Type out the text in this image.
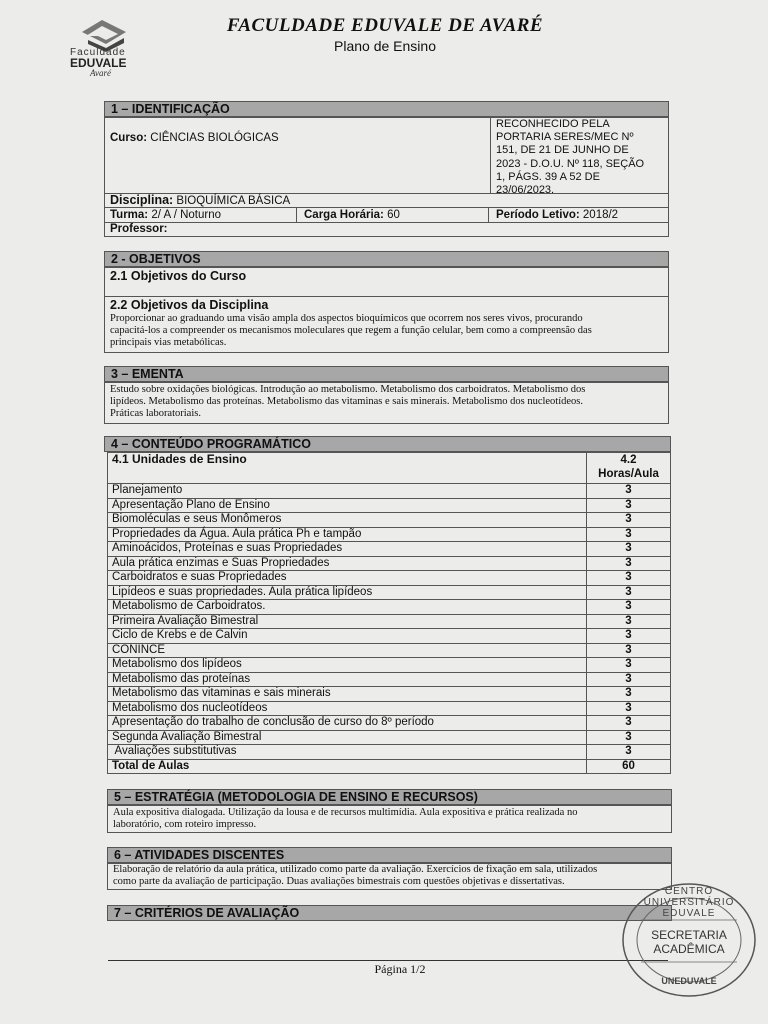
Faculdade
EDUVALE
Avaré
FACULDADE EDUVALE DE AVARÉ
Plano de Ensino
1 – IDENTIFICAÇÃO
Curso: CIÊNCIAS BIOLÓGICAS
RECONHECIDO PELA
PORTARIA SERES/MEC Nº
151, DE 21 DE JUNHO DE
2023 - D.O.U. Nº 118, SEÇÃO
1, PÁGS. 39 A 52 DE
23/06/2023.
Disciplina: BIOQUÍMICA BÁSICA
Turma: 2/ A / Noturno	Carga Horária: 60	Período Letivo: 2018/2
Professor:
2 - OBJETIVOS
2.1 Objetivos do Curso
2.2 Objetivos da Disciplina
Proporcionar ao graduando uma visão ampla dos aspectos bioquímicos que ocorrem nos seres vivos, procurando
capacitá-los a compreender os mecanismos moleculares que regem a função celular, bem como a compreensão das
principais vias metabólicas.
3 – EMENTA
Estudo sobre oxidações biológicas. Introdução ao metabolismo. Metabolismo dos carboidratos. Metabolismo dos
lipídeos. Metabolismo das proteínas. Metabolismo das vitaminas e sais minerais. Metabolismo dos nucleotídeos.
Práticas laboratoriais.
4 – CONTEÚDO PROGRAMÁTICO
4.1 Unidades de Ensino	4.2
Horas/Aula

Planejamento	3
Apresentação Plano de Ensino	3
Biomoléculas e seus Monômeros	3
Propriedades da Água. Aula prática Ph e tampão	3
Aminoácidos, Proteínas e suas Propriedades	3
Aula prática enzimas e Suas Propriedades	3
Carboidratos e suas Propriedades	3
Lipídeos e suas propriedades. Aula prática lipídeos	3
Metabolismo de Carboidratos.	3
Primeira Avaliação Bimestral	3
Ciclo de Krebs e de Calvin	3
CONINCE	3
Metabolismo dos lipídeos	3
Metabolismo das proteínas	3
Metabolismo das vitaminas e sais minerais	3
Metabolismo dos nucleotídeos	3
Apresentação do trabalho de conclusão de curso do 8º período	3
Segunda Avaliação Bimestral	3
Avaliações substitutivas	3
Total de Aulas	60
5 – ESTRATÉGIA (METODOLOGIA DE ENSINO E RECURSOS)
Aula expositiva dialogada. Utilização da lousa e de recursos multimídia. Aula expositiva e prática realizada no
laboratório, com roteiro impresso.
6 – ATIVIDADES DISCENTES
Elaboração de relatório da aula prática, utilizado como parte da avaliação. Exercícios de fixação em sala, utilizados
como parte da avaliação de participação. Duas avaliações bimestrais com questões objetivas e dissertativas.
7 – CRITÉRIOS DE AVALIAÇÃO
Página 1/2
CENTRO UNIVERSITÁRIO EDUVALE
SECRETARIA
ACADÊMICA
UNEDUVALE
